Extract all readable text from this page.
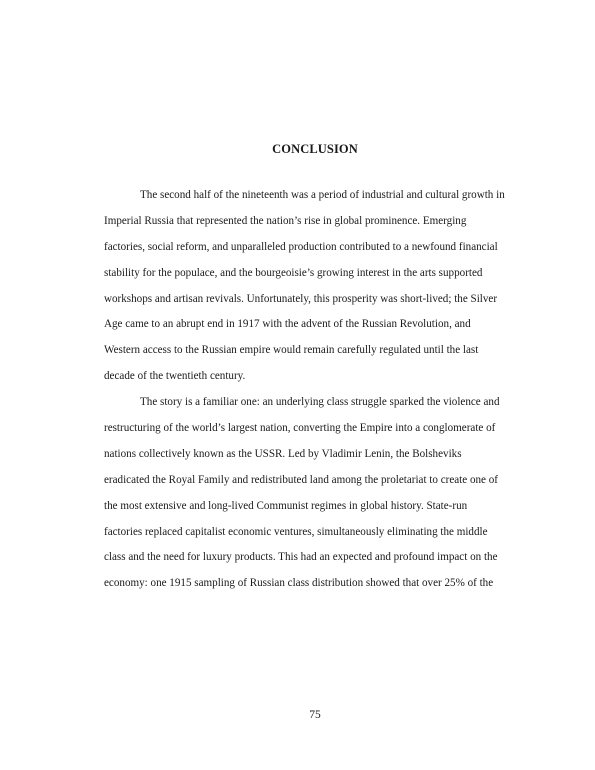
CONCLUSION

The second half of the nineteenth was a period of industrial and cultural growth in
Imperial Russia that represented the nation’s rise in global prominence. Emerging
factories, social reform, and unparalleled production contributed to a newfound financial
stability for the populace, and the bourgeoisie’s growing interest in the arts supported
workshops and artisan revivals. Unfortunately, this prosperity was short-lived; the Silver
Age came to an abrupt end in 1917 with the advent of the Russian Revolution, and
Western access to the Russian empire would remain carefully regulated until the last
decade of the twentieth century.

The story is a familiar one: an underlying class struggle sparked the violence and
restructuring of the world’s largest nation, converting the Empire into a conglomerate of
nations collectively known as the USSR. Led by Vladimir Lenin, the Bolsheviks
eradicated the Royal Family and redistributed land among the proletariat to create one of
the most extensive and long-lived Communist regimes in global history. State-run
factories replaced capitalist economic ventures, simultaneously eliminating the middle
class and the need for luxury products. This had an expected and profound impact on the
economy: one 1915 sampling of Russian class distribution showed that over 25% of the

75
